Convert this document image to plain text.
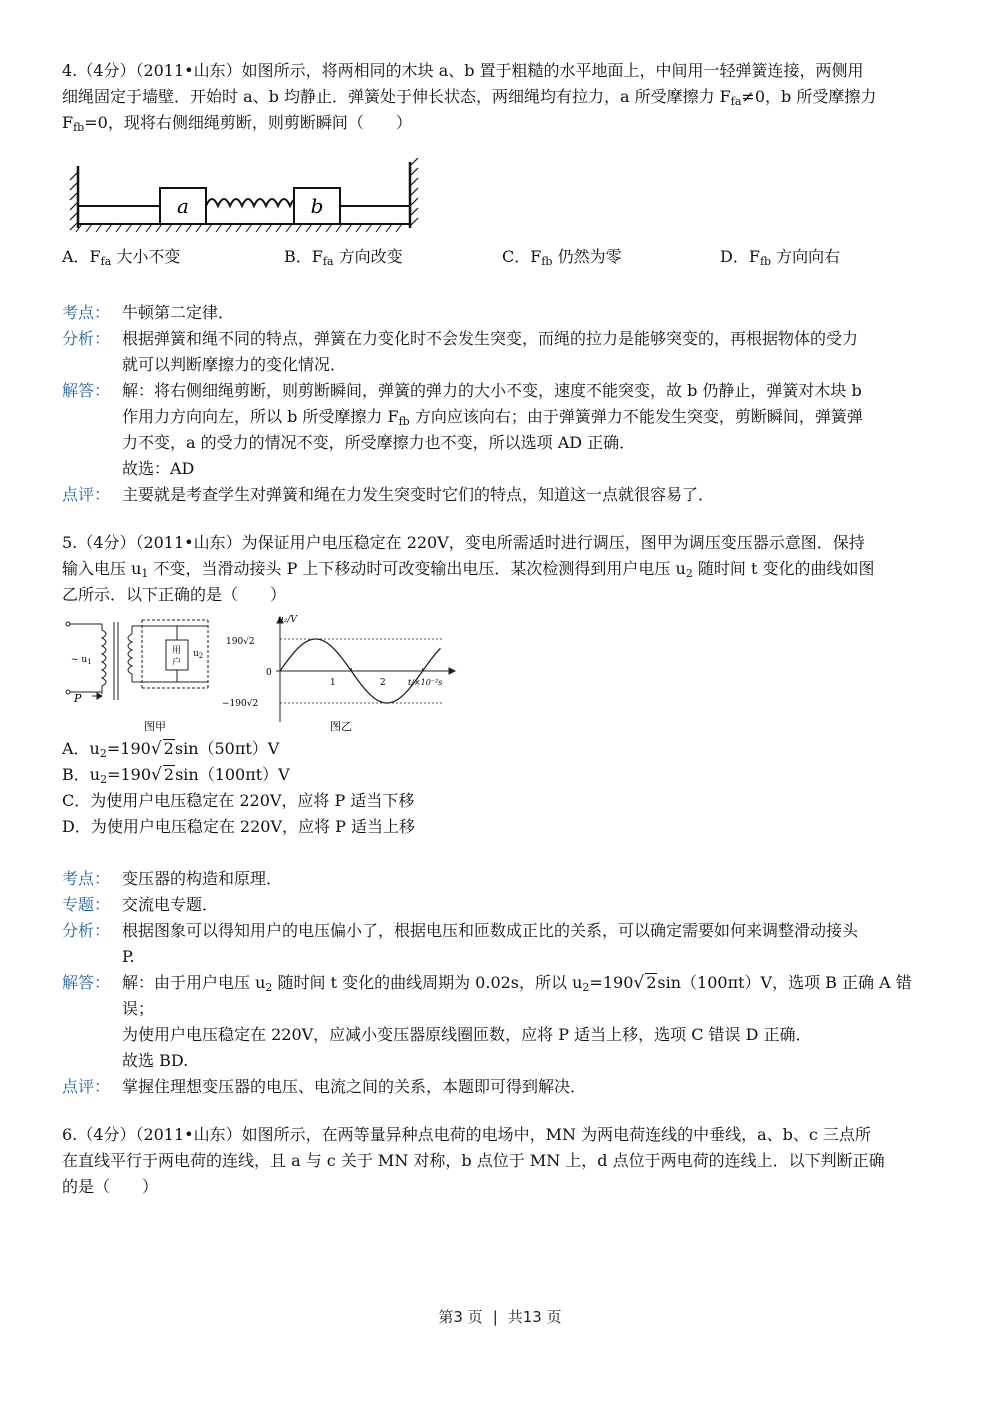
4.（4分）（2011•山东）如图所示，将两相同的木块 a、b 置于粗糙的水平地面上，中间用一轻弹簧连接，两侧用

细绳固定于墙壁．开始时 a、b 均静止．弹簧处于伸长状态，两细绳均有拉力，a 所受摩擦力 $F_{fa}\ne 0$，b 所受摩擦力

$F_{fb}=0$，现将右侧细绳剪断，则剪断瞬间（　　）

a	b
A．$F_{fa}$ 大小不变	B．$F_{fa}$ 方向改变	C．$F_{fb}$ 仍然为零	D．$F_{fb}$ 方向向右
考点： 牛顿第二定律．

分析： 根据弹簧和绳不同的特点，弹簧在力变化时不会发生突变，而绳的拉力是能够突变的，再根据物体的受力

就可以判断摩擦力的变化情况．

解答： 解：将右侧细绳剪断，则剪断瞬间，弹簧的弹力的大小不变，速度不能突变，故 b 仍静止，弹簧对木块 b

作用力方向向左，所以 b 所受摩擦力 $F_{fb}$ 方向应该向右；由于弹簧弹力不能发生突变，剪断瞬间，弹簧弹

力不变，a 的受力的情况不变，所受摩擦力也不变，所以选项 AD 正确．

故选：AD

点评： 主要就是考查学生对弹簧和绳在力发生突变时它们的特点，知道这一点就很容易了．

5.（4分）（2011•山东）为保证用户电压稳定在 220V，变电所需适时进行调压，图甲为调压变压器示意图．保持

输入电压 $u_1$ 不变，当滑动接头 P 上下移动时可改变输出电压．某次检测得到用户电压 $u_2$ 随时间 t 变化的曲线如图

乙所示．以下正确的是（　　）

~ $u_1$
P
用
户
$u_2$
图甲
u₂/V
190√2
0
−190√2
1	2	t/×10⁻²s
图乙

A．$u_2=190√$ 2sin（50πt）V

B．$u_2=190√$ 2sin（100πt）V

C．为使用户电压稳定在 220V，应将 P 适当下移

D．为使用户电压稳定在 220V，应将 P 适当上移

考点： 变压器的构造和原理．

专题： 交流电专题．

分析： 根据图象可以得知用户的电压偏小了，根据电压和匝数成正比的关系，可以确定需要如何来调整滑动接头

P.

解答： 解：由于用户电压 $u_2$ 随时间 t 变化的曲线周期为 0.02s，所以 $u_2=190√$ 2sin（100πt）V，选项 B 正确 A 错

误；

为使用户电压稳定在 220V，应减小变压器原线圈匝数，应将 P 适当上移，选项 C 错误 D 正确．

故选 BD.

点评： 掌握住理想变压器的电压、电流之间的关系，本题即可得到解决．

6.（4分）（2011•山东）如图所示，在两等量异种点电荷的电场中，MN 为两电荷连线的中垂线，a、b、c 三点所

在直线平行于两电荷的连线，且 a 与 c 关于 MN 对称，b 点位于 MN 上，d 点位于两电荷的连线上．以下判断正确

的是（　　）

第3 页 | 共13 页
